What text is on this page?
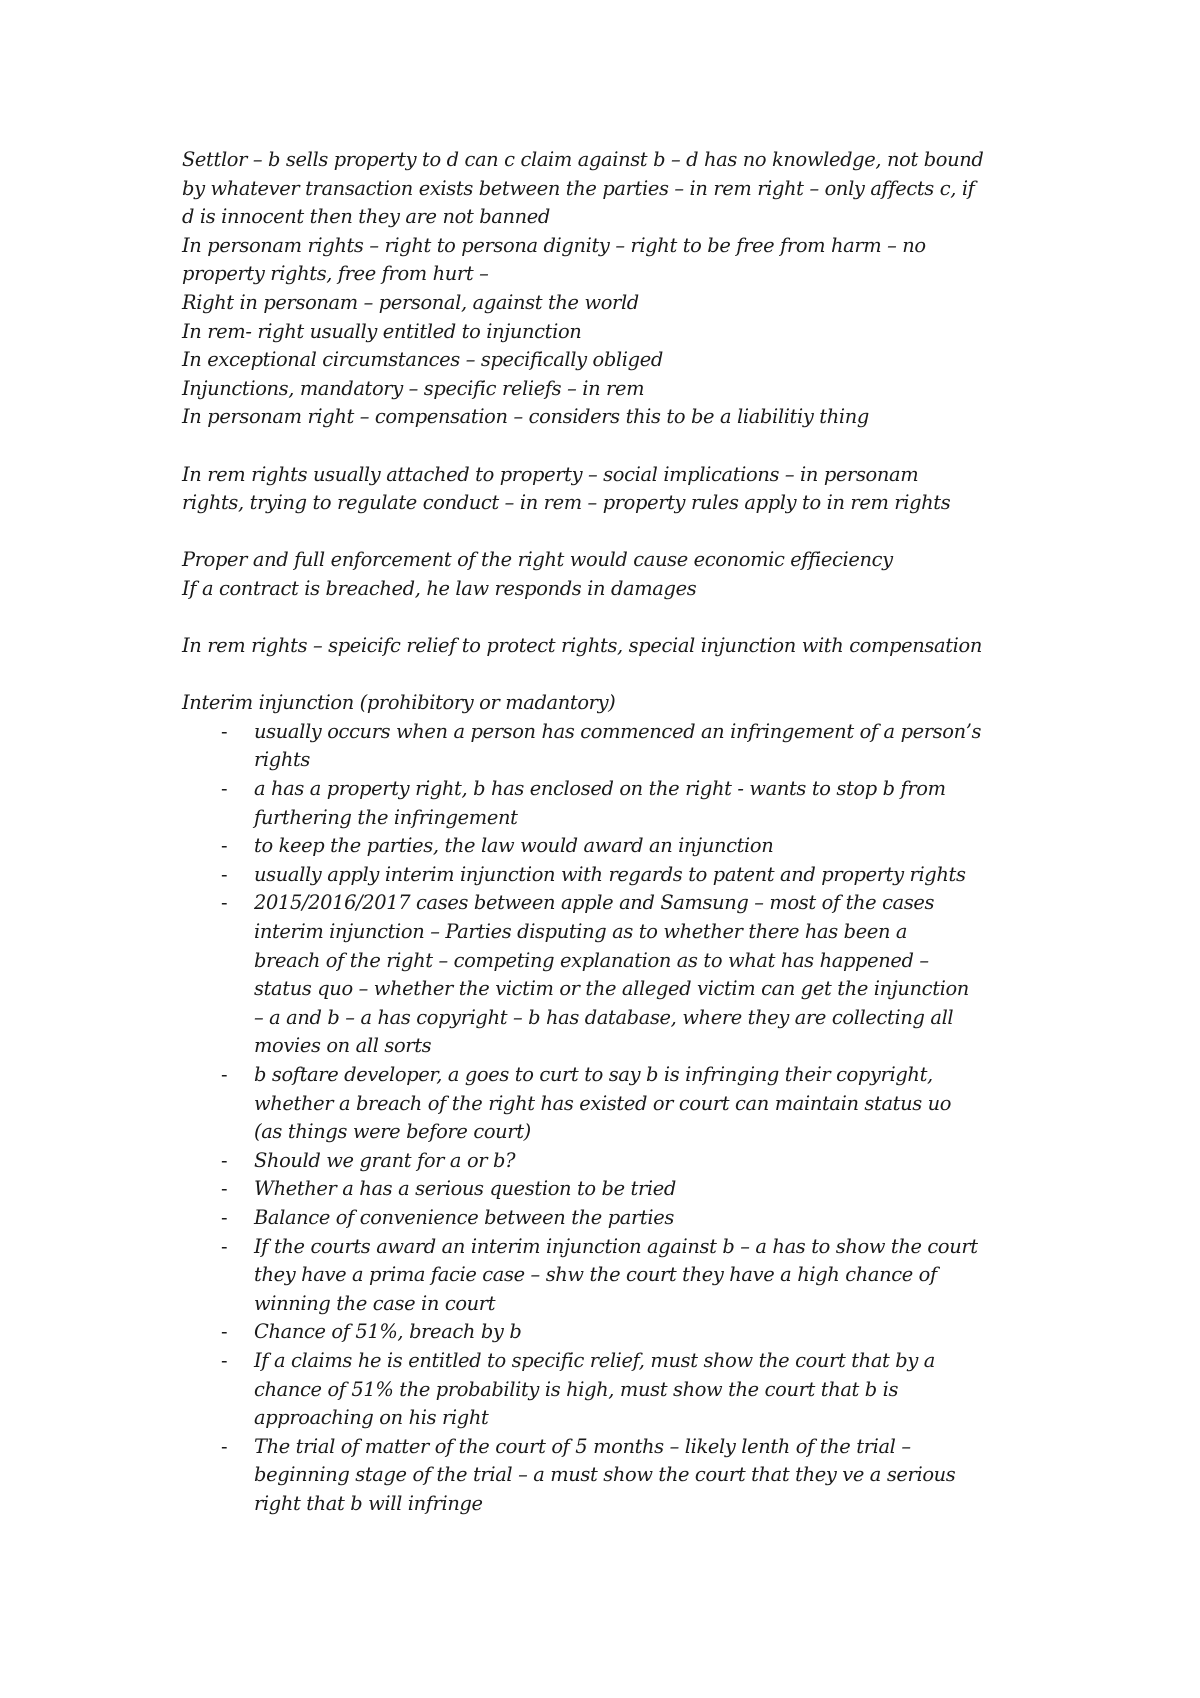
Settlor – b sells property to d can c claim against b – d has no knowledge, not bound
by whatever transaction exists between the parties – in rem right – only affects c, if
d is innocent then they are not banned
In personam rights – right to persona dignity – right to be free from harm – no
property rights, free from hurt –
Right in personam – personal, against the world
In rem- right usually entitled to injunction
In exceptional circumstances – specifically obliged
Injunctions, mandatory – specific reliefs – in rem
In personam right – compensation – considers this to be a liabilitiy thing
In rem rights usually attached to property – social implications – in personam
rights, trying to regulate conduct – in rem – property rules apply to in rem rights
Proper and full enforcement of the right would cause economic effieciency
If a contract is breached, he law responds in damages
In rem rights – speicifc relief to protect rights, special injunction with compensation
Interim injunction (prohibitory or madantory)
- usually occurs when a person has commenced an infringement of a person’s
rights
- a has a property right, b has enclosed on the right - wants to stop b from
furthering the infringement
- to keep the parties, the law would award an injunction
- usually apply interim injunction with regards to patent and property rights
- 2015/2016/2017 cases between apple and Samsung – most of the cases
interim injunction – Parties disputing as to whether there has been a
breach of the right – competing explanation as to what has happened –
status quo – whether the victim or the alleged victim can get the injunction
– a and b – a has copyright – b has database, where they are collecting all
movies on all sorts
- b softare developer, a goes to curt to say b is infringing their copyright,
whether a breach of the right has existed or court can maintain status uo
(as things were before court)
- Should we grant for a or b?
- Whether a has a serious question to be tried
- Balance of convenience between the parties
- If the courts award an interim injunction against b – a has to show the court
they have a prima facie case – shw the court they have a high chance of
winning the case in court
- Chance of 51%, breach by b
- If a claims he is entitled to specific relief, must show the court that by a
chance of 51% the probability is high, must show the court that b is
approaching on his right
- The trial of matter of the court of 5 months – likely lenth of the trial –
beginning stage of the trial – a must show the court that they ve a serious
right that b will infringe
